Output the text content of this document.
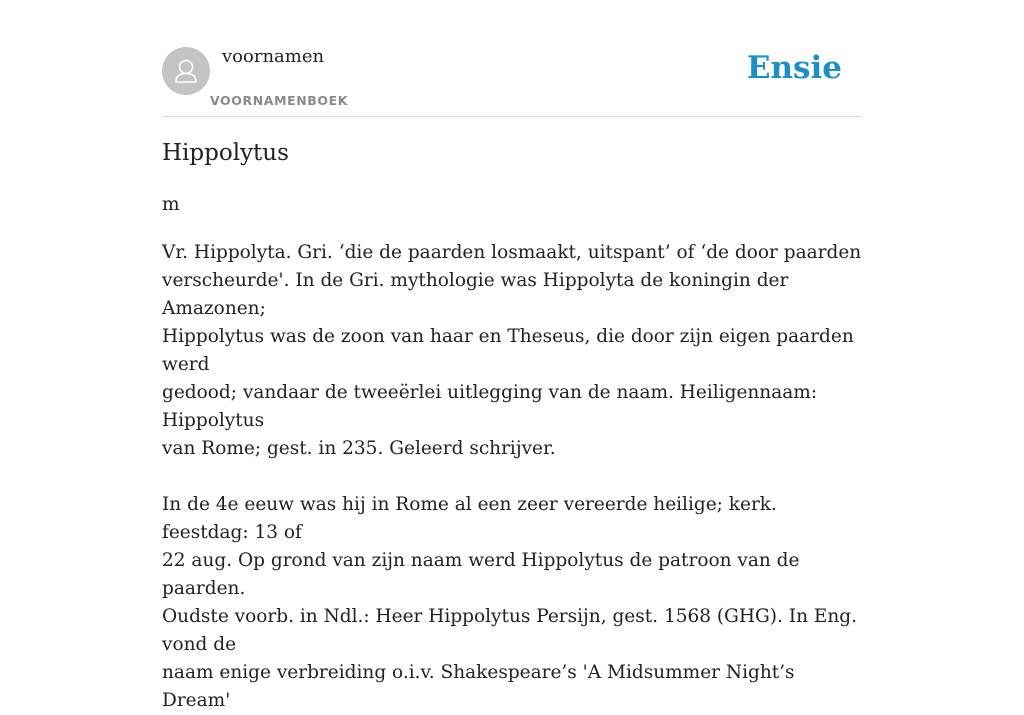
voornamen
VOORNAMENBOEK
Ensie
Hippolytus
m

Vr. Hippolyta. Gri. ‘die de paarden losmaakt, uitspant’ of ‘de door paarden
verscheurde'. In de Gri. mythologie was Hippolyta de koningin der Amazonen;
Hippolytus was de zoon van haar en Theseus, die door zijn eigen paarden werd
gedood; vandaar de tweeërlei uitlegging van de naam. Heiligennaam: Hippolytus
van Rome; gest. in 235. Geleerd schrijver.

In de 4e eeuw was hij in Rome al een zeer vereerde heilige; kerk. feestdag: 13 of
22 aug. Op grond van zijn naam werd Hippolytus de patroon van de paarden.
Oudste voorb. in Ndl.: Heer Hippolytus Persijn, gest. 1568 (GHG). In Eng. vond de
naam enige verbreiding o.i.v. Shakespeare’s 'A Midsummer Night’s Dream'
